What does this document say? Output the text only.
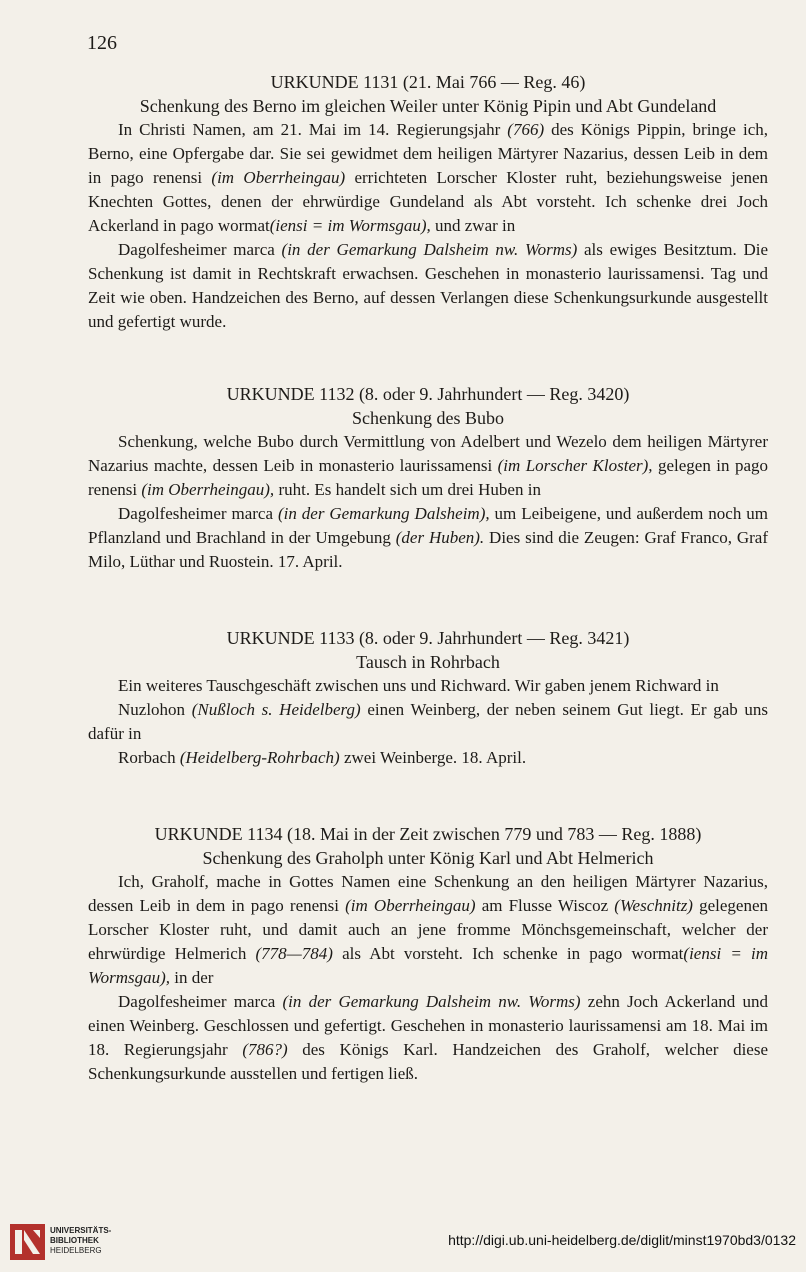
126

URKUNDE 1131 (21. Mai 766 — Reg. 46)

Schenkung des Berno im gleichen Weiler unter König Pipin und Abt Gundeland

In Christi Namen, am 21. Mai im 14. Regierungsjahr (766) des Königs Pippin, bringe ich, Berno, eine Opfergabe dar. Sie sei gewidmet dem heiligen Märtyrer Nazarius, dessen Leib in dem in pago renensi (im Oberrheingau) errichteten Lorscher Kloster ruht, beziehungsweise jenen Knechten Gottes, denen der ehrwürdige Gundeland als Abt vorsteht. Ich schenke drei Joch Ackerland in pago wormat(iensi = im Wormsgau), und zwar in

Dagolfesheimer marca (in der Gemarkung Dalsheim nw. Worms) als ewiges Besitztum. Die Schenkung ist damit in Rechtskraft erwachsen. Geschehen in monasterio laurissamensi. Tag und Zeit wie oben. Handzeichen des Berno, auf dessen Verlangen diese Schenkungsurkunde ausgestellt und gefertigt wurde.

URKUNDE 1132 (8. oder 9. Jahrhundert — Reg. 3420)

Schenkung des Bubo

Schenkung, welche Bubo durch Vermittlung von Adelbert und Wezelo dem heiligen Märtyrer Nazarius machte, dessen Leib in monasterio laurissamensi (im Lorscher Kloster), gelegen in pago renensi (im Oberrheingau), ruht. Es handelt sich um drei Huben in

Dagolfesheimer marca (in der Gemarkung Dalsheim), um Leibeigene, und außerdem noch um Pflanzland und Brachland in der Umgebung (der Huben). Dies sind die Zeugen: Graf Franco, Graf Milo, Lüthar und Ruostein. 17. April.

URKUNDE 1133 (8. oder 9. Jahrhundert — Reg. 3421)

Tausch in Rohrbach

Ein weiteres Tauschgeschäft zwischen uns und Richward. Wir gaben jenem Richward in

Nuzlohon (Nußloch s. Heidelberg) einen Weinberg, der neben seinem Gut liegt. Er gab uns dafür in

Rorbach (Heidelberg-Rohrbach) zwei Weinberge. 18. April.

URKUNDE 1134 (18. Mai in der Zeit zwischen 779 und 783 — Reg. 1888)

Schenkung des Graholph unter König Karl und Abt Helmerich

Ich, Graholf, mache in Gottes Namen eine Schenkung an den heiligen Märtyrer Nazarius, dessen Leib in dem in pago renensi (im Oberrheingau) am Flusse Wiscoz (Weschnitz) gelegenen Lorscher Kloster ruht, und damit auch an jene fromme Mönchsgemeinschaft, welcher der ehrwürdige Helmerich (778—784) als Abt vorsteht. Ich schenke in pago wormat(iensi = im Wormsgau), in der

Dagolfesheimer marca (in der Gemarkung Dalsheim nw. Worms) zehn Joch Ackerland und einen Weinberg. Geschlossen und gefertigt. Geschehen in monasterio laurissamensi am 18. Mai im 18. Regierungsjahr (786?) des Königs Karl. Handzeichen des Graholf, welcher diese Schenkungsurkunde ausstellen und fertigen ließ.

UNIVERSITÄTS-
BIBLIOTHEK
HEIDELBERG
http://digi.ub.uni-heidelberg.de/diglit/minst1970bd3/0132
